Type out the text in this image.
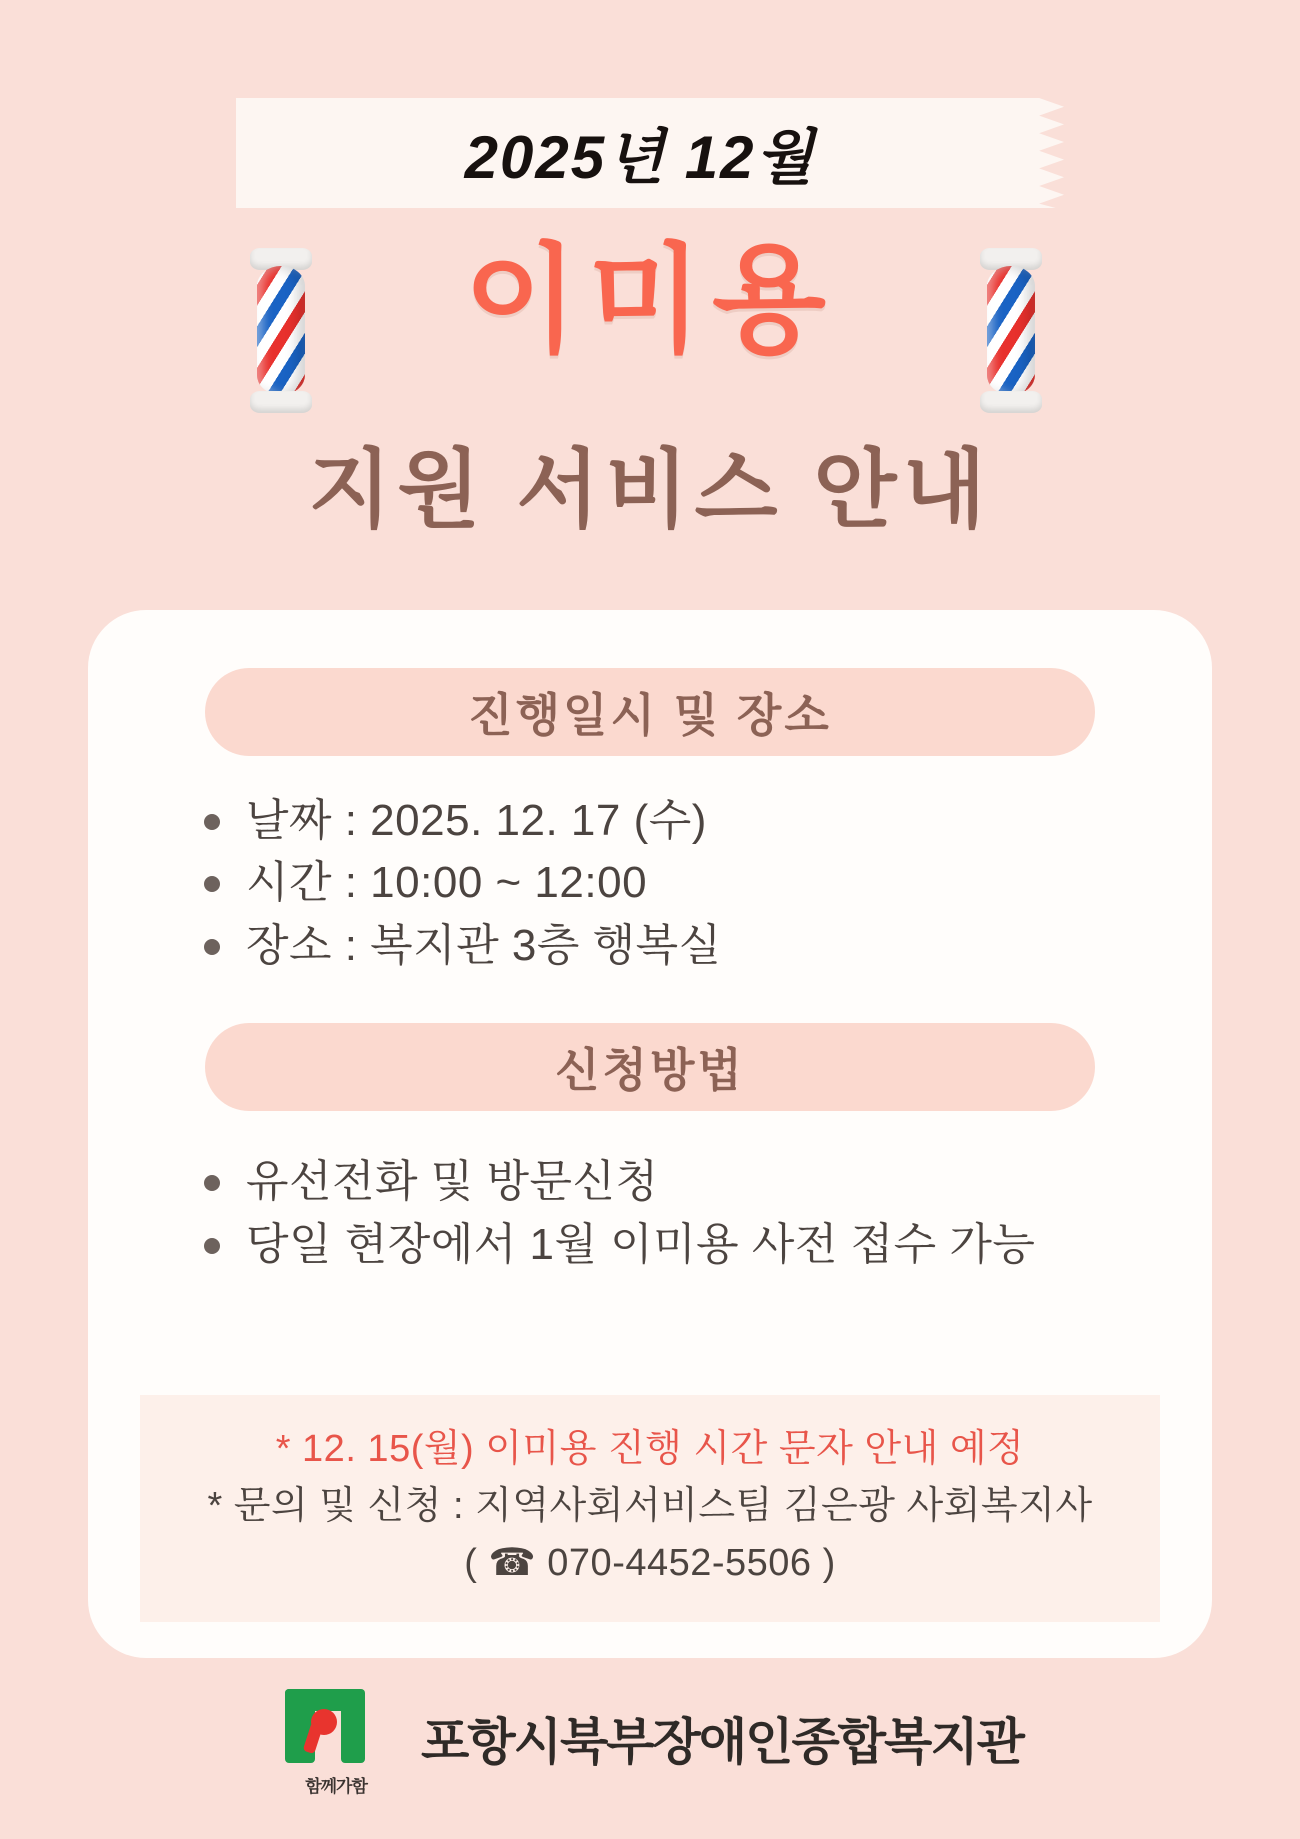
2025년 12월
이미용
지원 서비스 안내
진행일시 및 장소
날짜 : 2025. 12. 17 (수)
시간 : 10:00 ~ 12:00
장소 : 복지관 3층 행복실
신청방법
유선전화 및 방문신청
당일 현장에서 1월 이미용 사전 접수 가능
* 12. 15(월) 이미용 진행 시간 문자 안내 예정
* 문의 및 신청 : 지역사회서비스팀 김은광 사회복지사
( ☎ 070-4452-5506 )
함께가함
포항시북부장애인종합복지관
